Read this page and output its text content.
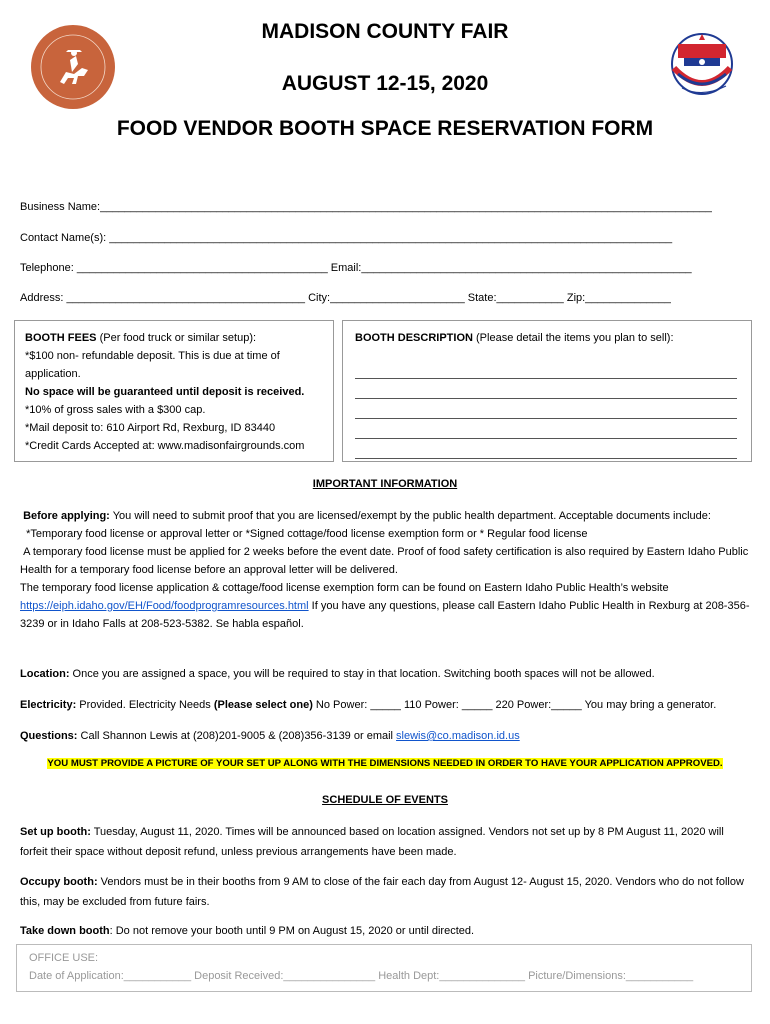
MADISON COUNTY FAIR
AUGUST 12-15, 2020
FOOD VENDOR BOOTH SPACE RESERVATION FORM
Business Name:____________________________________________________________________________________________________
Contact Name(s): ____________________________________________________________________________________________
Telephone: _________________________________________ Email:______________________________________________________
Address: _______________________________________ City:______________________ State:___________ Zip:______________
BOOTH FEES (Per food truck or similar setup):
*$100 non- refundable deposit. This is due at time of
application.
No space will be guaranteed until deposit is received.
*10% of gross sales with a $300 cap.
*Mail deposit to: 610 Airport Rd, Rexburg, ID 83440
*Credit Cards Accepted at: www.madisonfairgrounds.com
BOOTH DESCRIPTION (Please detail the items you plan to sell):
IMPORTANT INFORMATION
Before applying: You will need to submit proof that you are licensed/exempt by the public health department. Acceptable documents include:
*Temporary food license or approval letter or *Signed cottage/food license exemption form or * Regular food license
A temporary food license must be applied for 2 weeks before the event date. Proof of food safety certification is also required by Eastern Idaho Public Health for a temporary food license before an approval letter will be delivered.
The temporary food license application & cottage/food license exemption form can be found on Eastern Idaho Public Health’s website
https://eiph.idaho.gov/EH/Food/foodprogramresources.html If you have any questions, please call Eastern Idaho Public Health in Rexburg at 208-356-3239 or in Idaho Falls at 208-523-5382. Se habla español.
Location: Once you are assigned a space, you will be required to stay in that location. Switching booth spaces will not be allowed.
Electricity: Provided. Electricity Needs (Please select one) No Power: _____ 110 Power: _____ 220 Power:_____ You may bring a generator.
Questions: Call Shannon Lewis at (208)201-9005 & (208)356-3139 or email slewis@co.madison.id.us
YOU MUST PROVIDE A PICTURE OF YOUR SET UP ALONG WITH THE DIMENSIONS NEEDED IN ORDER TO HAVE YOUR APPLICATION APPROVED.
SCHEDULE OF EVENTS
Set up booth: Tuesday, August 11, 2020. Times will be announced based on location assigned. Vendors not set up by 8 PM August 11, 2020 will forfeit their space without deposit refund, unless previous arrangements have been made.
Occupy booth: Vendors must be in their booths from 9 AM to close of the fair each day from August 12- August 15, 2020. Vendors who do not follow this, may be excluded from future fairs.
Take down booth: Do not remove your booth until 9 PM on August 15, 2020 or until directed.
OFFICE USE:
Date of Application:___________ Deposit Received:_______________ Health Dept:______________ Picture/Dimensions:___________
